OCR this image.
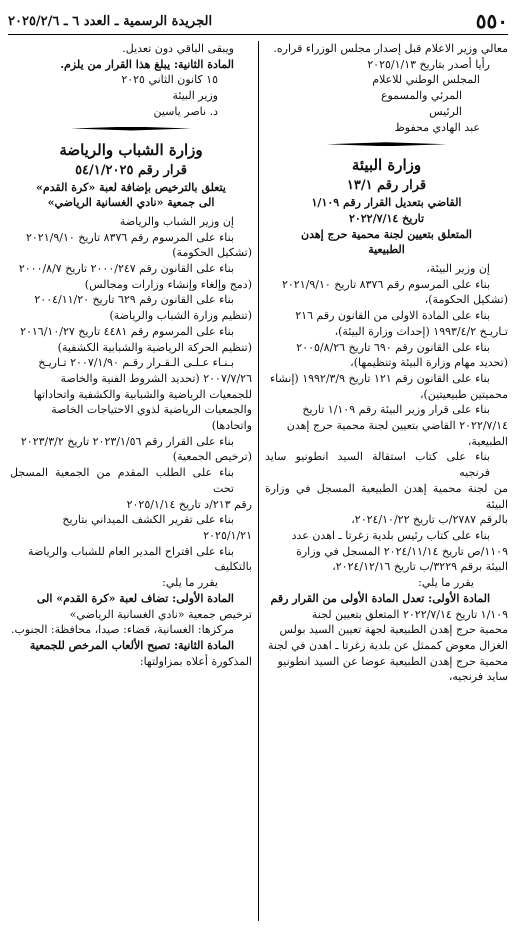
٥٥٠
الجريدة الرسمية ـ العدد ٦ ـ ٢٠٢٥/٢/٦

معالي وزير الاعلام قبل إصدار مجلس الوزراء قراره.

رأيا أصدر بتاريخ ٢٠٢٥/١/١٣

المجلس الوطني للاعلام

المرئي والمسموع

الرئيس

عبد الهادي محفوظ

وزارة البيئة

قرار رقم ١٣/١

القاضي بتعديل القرار رقم ١/١٠٩

تاريخ ٢٠٢٢/٧/١٤

المتعلق بتعيين لجنة محمية حرج إهدن

الطبيعية

إن وزير البيئة،

بناء على المرسوم رقم ٨٣٧٦ تاريخ ٢٠٢١/٩/١٠

(تشكيل الحكومة)،

بناء على المادة الاولى من القانون رقم ٢١٦

تـاريـخ ١٩٩٣/٤/٢ (إحداث وزارة البيئة)،

بناء على القانون رقم ٦٩٠ تاريخ ٢٠٠٥/٨/٢٦

(تحديد مهام وزارة البيئة وتنظيمها)،

بناء على القانون رقم ١٢١ تاريخ ١٩٩٢/٣/٩ (إنشاء

محميتين طبيعيتين)،

بناء على قرار وزير البيئة رقم ١/١٠٩ تاريخ

٢٠٢٢/٧/١٤ القاضي بتعيين لجنة محمية حرج إهدن

الطبيعية،

بناء على كتاب استقالة السيد انطونيو سايد فرنجيه

من لجنة محمية إهدن الطبيعية المسجل في وزارة البيئة

بالرقم ٢٧٨٧/ب تاريخ ٢٠٢٤/١٠/٢٢،

بناء على كتاب رئيس بلدية زغرتا ـ اهدن عدد

١١٠٩/ص تاريخ ٢٠٢٤/١١/١٤ المسجل في وزارة

البيئة برقم ٣٢٢٩/ب تاريخ ٢٠٢٤/١٢/١٦،

يقرر ما يلي:

المادة الأولى: تعدل المادة الأولى من القرار رقم

١/١٠٩ تاريخ ٢٠٢٢/٧/١٤ المتعلق بتعيين لجنة

محمية حرج إهدن الطبيعية لجهة تعيين السيد بولس

الغزال معوض كممثل عن بلدية زغرتا ـ اهدن في لجنة

محمية حرج إهدن الطبيعية عوضا عن السيد انطونيو

سايد فرنجيه،

ويبقى الباقي دون تعديل.

المادة الثانية: يبلغ هذا القرار من يلزم.

١٥ كانون الثاني ٢٠٢٥

وزير البيئة

د. ناصر ياسين

وزارة الشباب والرياضة

قرار رقم ٥٤/١/٢٠٢٥

يتعلق بالترخيص بإضافة لعبة «كرة القدم»

الى جمعية «نادي الغسانية الرياضي»

إن وزير الشباب والرياضة

بناء على المرسوم رقم ٨٣٧٦ تاريخ ٢٠٢١/٩/١٠

(تشكيل الحكومة)

بناء على القانون رقم ٢٠٠٠/٢٤٧ تاريخ ٢٠٠٠/٨/٧

(دمج وإلغاء وإنشاء وزارات ومجالس)

بناء على القانون رقم ٦٢٩ تاريخ ٢٠٠٤/١١/٢٠

(تنظيم وزارة الشباب والرياضة)

بناء على المرسوم رقم ٤٤٨١ تاريخ ٢٠١٦/١٠/٢٧

(تنظيم الحركة الرياضية والشبابية الكشفية)

بـنـاء عـلـى الـقـرار رقـم ٢٠٠٧/١/٩٠ تـاريـخ

٢٠٠٧/٧/٢٦ (تحديد الشروط الفنية والخاصة

للجمعيات الرياضية والشبابية والكشفية واتحاداتها

والجمعيات الرياضية لذوي الاحتياجات الخاصة

واتحادها)

بناء على القرار رقم ٢٠٢٣/١/٥٦ تاريخ ٢٠٢٣/٣/٢

(ترخيص الجمعية)

بناء على الطلب المقدم من الجمعية المسجل تحت

رقم ٢١٣/د تاريخ ٢٠٢٥/١/١٤

بناء على تقرير الكشف الميداني بتاريخ

٢٠٢٥/١/٢١

بناء على اقتراح المدير العام للشباب والرياضة

بالتكليف

يقرر ما يلي:

المادة الأولى: تضاف لعبة «كرة القدم» الى

ترخيص جمعية «نادي الغسانية الرياضي»

مركزها: الغسانية، قضاء: صيدا، محافظة: الجنوب.

المادة الثانية: تصبح الألعاب المرخص للجمعية

المذكورة أعلاه بمزاولتها:
